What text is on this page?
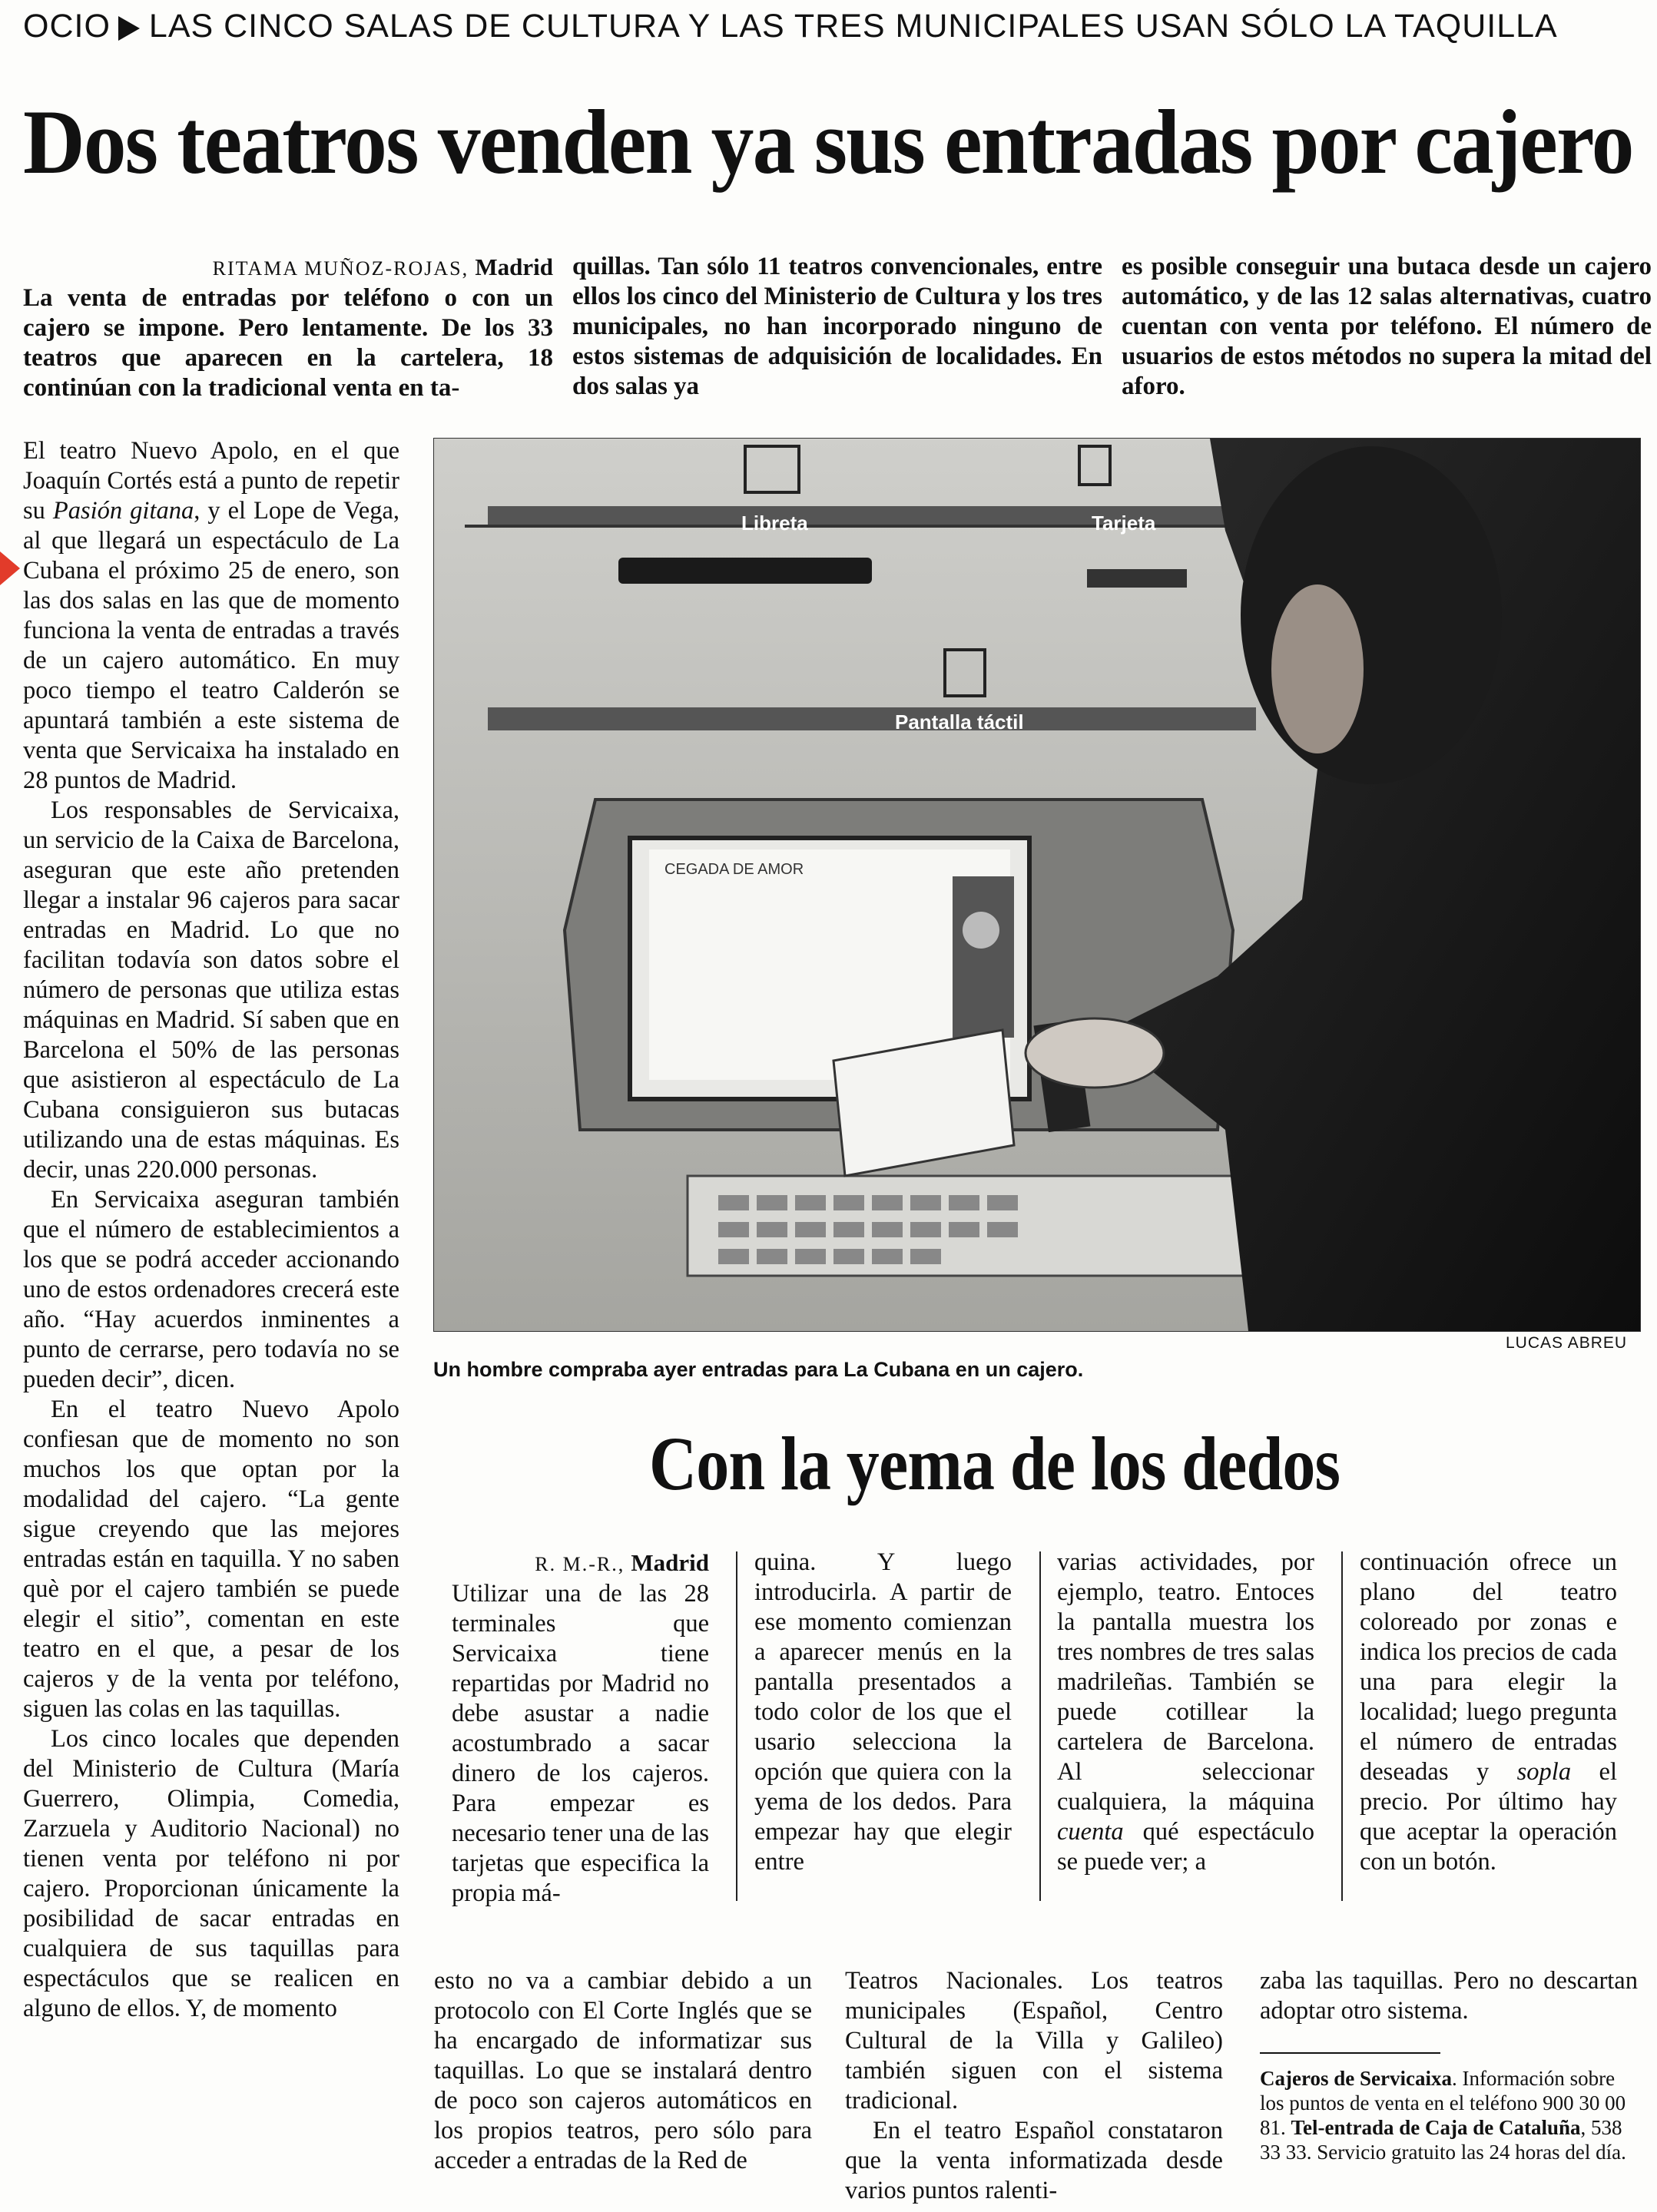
OCIO LAS CINCO SALAS DE CULTURA Y LAS TRES MUNICIPALES USAN SÓLO LA TAQUILLA
Dos teatros venden ya sus entradas por cajero
RITAMA MUÑOZ-ROJAS, Madrid
La venta de entradas por teléfono o con un cajero se impone. Pero lentamente. De los 33 teatros que aparecen en la cartelera, 18 continúan con la tradicional venta en ta-
quillas. Tan sólo 11 teatros convencionales, entre ellos los cinco del Ministerio de Cultura y los tres municipales, no han incorporado ninguno de estos sistemas de adquisición de localidades. En dos salas ya
es posible conseguir una butaca desde un cajero automático, y de las 12 salas alternativas, cuatro cuentan con venta por teléfono. El número de usuarios de estos métodos no supera la mitad del aforo.

El teatro Nuevo Apolo, en el que Joaquín Cortés está a punto de repetir su Pasión gitana, y el Lope de Vega, al que llegará un espectáculo de La Cubana el próximo 25 de enero, son las dos salas en las que de momento funciona la venta de entradas a través de un cajero automático. En muy poco tiempo el teatro Calderón se apuntará también a este sistema de venta que Servicaixa ha instalado en 28 puntos de Madrid.

Los responsables de Servicaixa, un servicio de la Caixa de Barcelona, aseguran que este año pretenden llegar a instalar 96 cajeros para sacar entradas en Madrid. Lo que no facilitan todavía son datos sobre el número de personas que utiliza estas máquinas en Madrid. Sí saben que en Barcelona el 50% de las personas que asistieron al espectáculo de La Cubana consiguieron sus butacas utilizando una de estas máquinas. Es decir, unas 220.000 personas.

En Servicaixa aseguran también que el número de establecimientos a los que se podrá acceder accionando uno de estos ordenadores crecerá este año. “Hay acuerdos inminentes a punto de cerrarse, pero todavía no se pueden decir”, dicen.

En el teatro Nuevo Apolo confiesan que de momento no son muchos los que optan por la modalidad del cajero. “La gente sigue creyendo que las mejores entradas están en taquilla. Y no saben què por el cajero también se puede elegir el sitio”, comentan en este teatro en el que, a pesar de los cajeros y de la venta por teléfono, siguen las colas en las taquillas.

Los cinco locales que dependen del Ministerio de Cultura (María Guerrero, Olimpia, Comedia, Zarzuela y Auditorio Nacional) no tienen venta por teléfono ni por cajero. Proporcionan únicamente la posibilidad de sacar entradas en cualquiera de sus taquillas para espectáculos que se realicen en alguno de ellos. Y, de momento

Libreta	Tarjeta
Pantalla táctil
CEGADA DE AMOR
LUCAS ABREU
Un hombre compraba ayer entradas para La Cubana en un cajero.
Con la yema de los dedos
R. M.-R., Madrid
Utilizar una de las 28 terminales que Servicaixa tiene repartidas por Madrid no debe asustar a nadie acostumbrado a sacar dinero de los cajeros. Para empezar es necesario tener una de las tarjetas que especifica la propia má-
quina. Y luego introducirla. A partir de ese momento comienzan a aparecer menús en la pantalla presentados a todo color de los que el usario selecciona la opción que quiera con la yema de los dedos. Para empezar hay que elegir entre
varias actividades, por ejemplo, teatro. Entoces la pantalla muestra los tres nombres de tres salas madrileñas. También se puede cotillear la cartelera de Barcelona. Al seleccionar cualquiera, la máquina cuenta qué espectáculo se puede ver; a
continuación ofrece un plano del teatro coloreado por zonas e indica los precios de cada una para elegir la localidad; luego pregunta el número de entradas deseadas y sopla el precio. Por último hay que aceptar la operación con un botón.
esto no va a cambiar debido a un protocolo con El Corte Inglés que se ha encargado de informatizar sus taquillas. Lo que se instalará dentro de poco son cajeros automáticos en los propios teatros, pero sólo para acceder a entradas de la Red de

Teatros Nacionales. Los teatros municipales (Español, Centro Cultural de la Villa y Galileo) también siguen con el sistema tradicional.

En el teatro Español constataron que la venta informatizada desde varios puntos ralenti-

zaba las taquillas. Pero no descartan adoptar otro sistema.
Cajeros de Servicaixa. Información sobre los puntos de venta en el teléfono 900 30 00 81. Tel-entrada de Caja de Cataluña, 538 33 33. Servicio gratuito las 24 horas del día.
